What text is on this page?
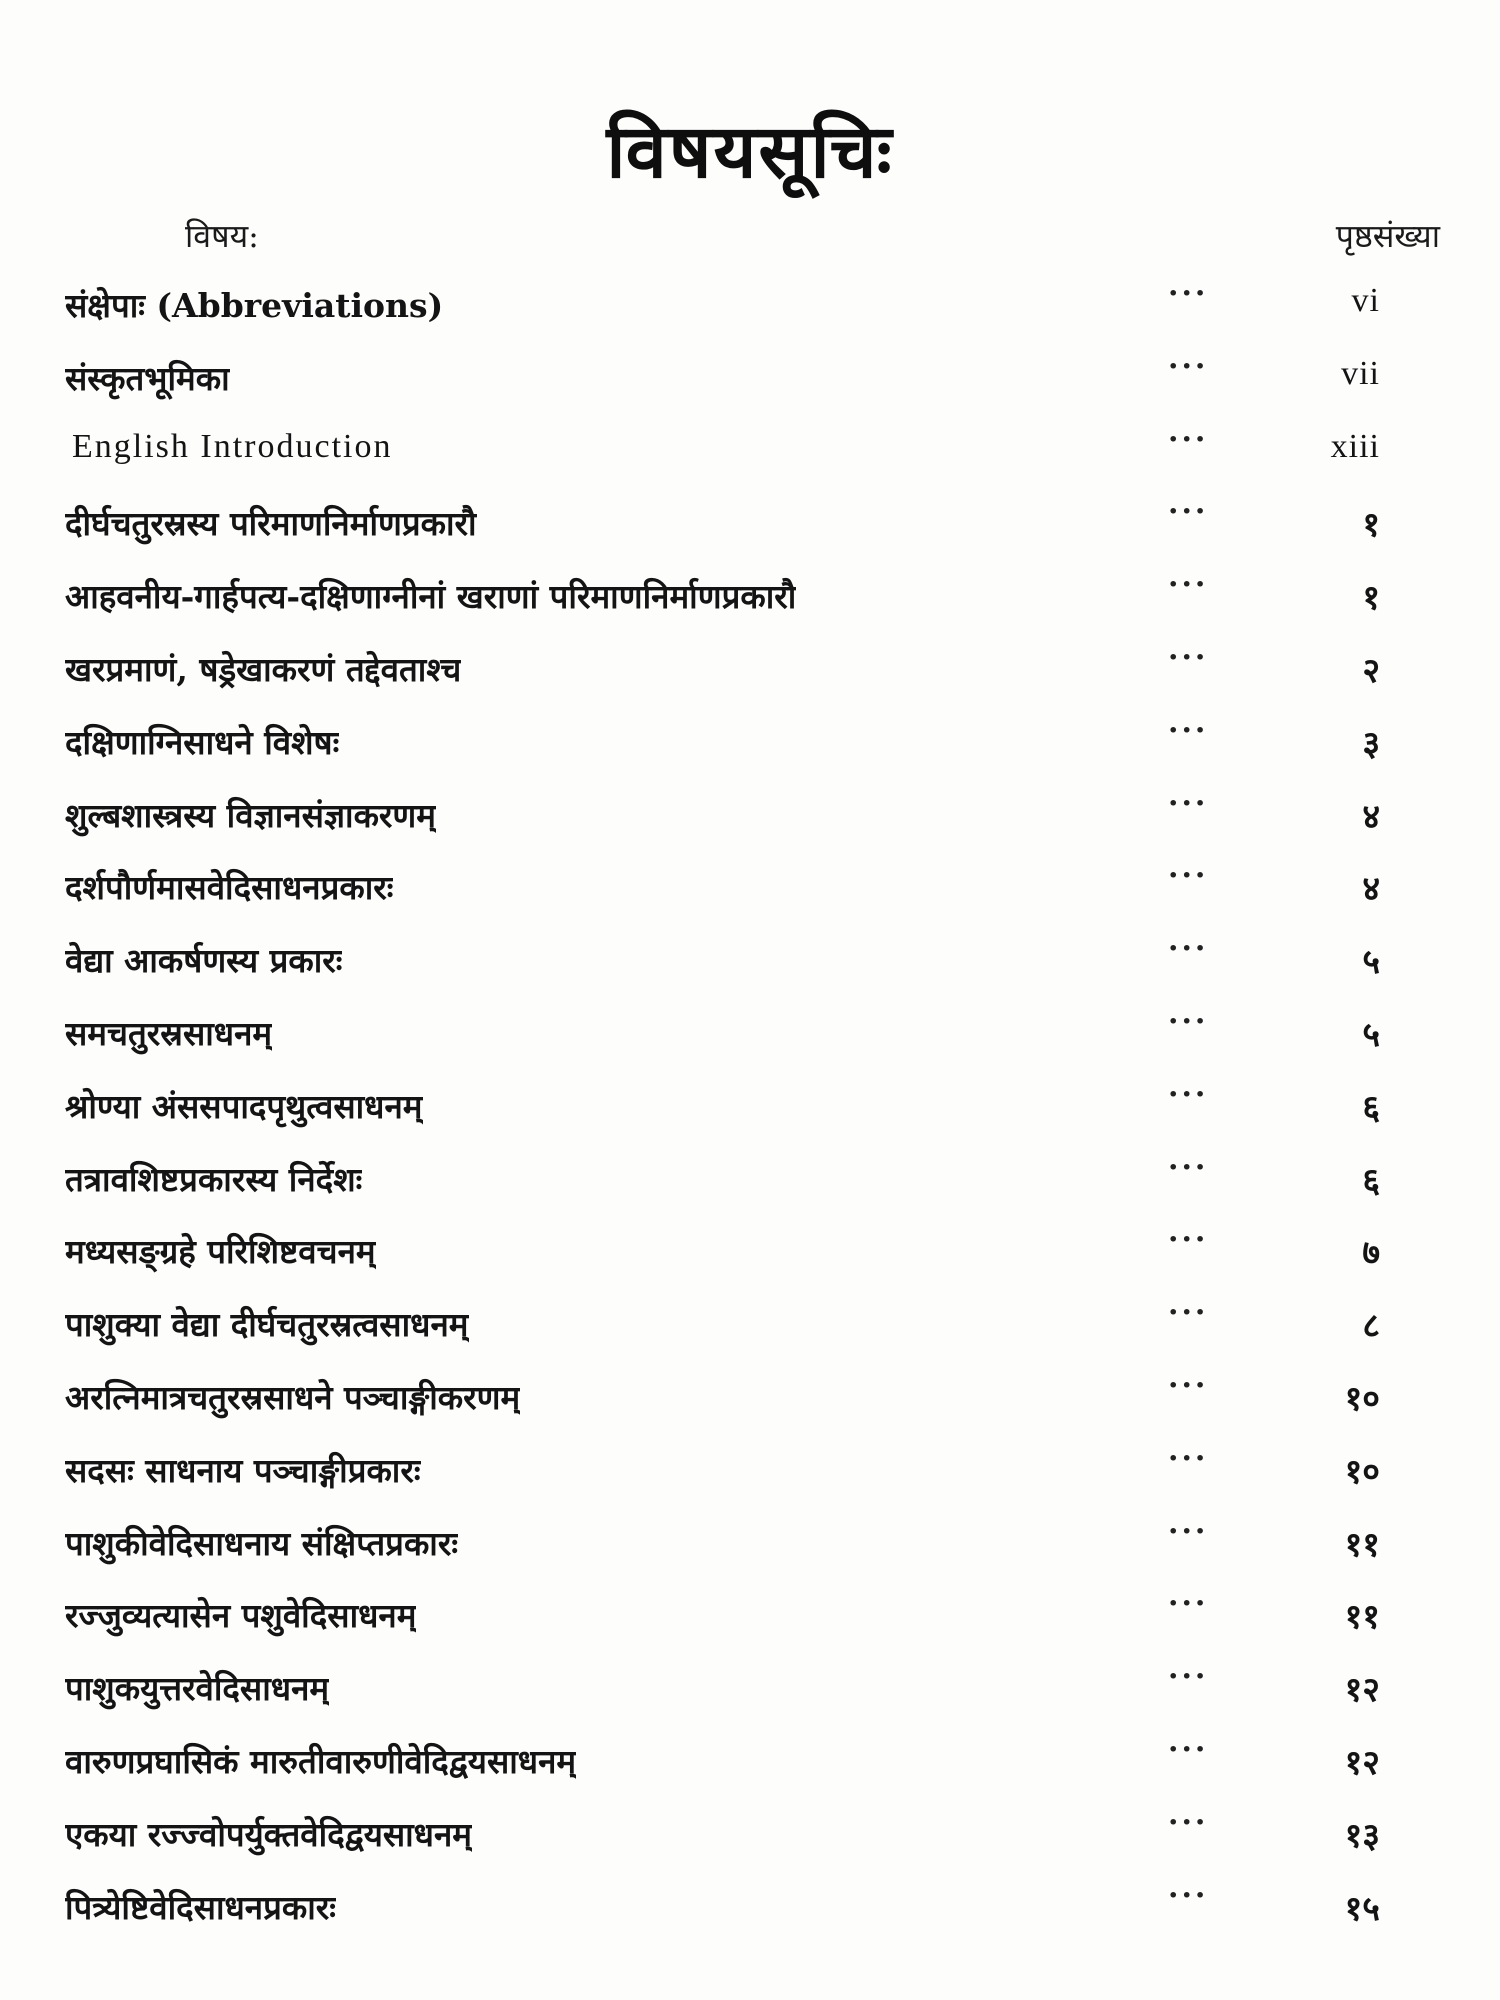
विषयसूचिः
विषय:	पृष्ठसंख्या
संक्षेपाः (Abbreviations)	···	vi
संस्कृतभूमिका	···	vii
English Introduction	···	xiii
दीर्घचतुरस्रस्य परिमाणनिर्माणप्रकारौ	···	१
आहवनीय-गार्हपत्य-दक्षिणाग्नीनां खराणां परिमाणनिर्माणप्रकारौ	···	१
खरप्रमाणं, षड्रेखाकरणं तद्देवताश्च	···	२
दक्षिणाग्निसाधने विशेषः	···	३
शुल्बशास्त्रस्य विज्ञानसंज्ञाकरणम्	···	४
दर्शपौर्णमासवेदिसाधनप्रकारः	···	४
वेद्या आकर्षणस्य प्रकारः	···	५
समचतुरस्रसाधनम्	···	५
श्रोण्या अंससपादपृथुत्वसाधनम्	···	६
तत्रावशिष्टप्रकारस्य निर्देशः	···	६
मध्यसङ्ग्रहे परिशिष्टवचनम्	···	७
पाशुक्या वेद्या दीर्घचतुरस्रत्वसाधनम्	···	८
अरत्निमात्रचतुरस्रसाधने पञ्चाङ्गीकरणम्	···	१०
सदसः साधनाय पञ्चाङ्गीप्रकारः	···	१०
पाशुकीवेदिसाधनाय संक्षिप्तप्रकारः	···	११
रज्जुव्यत्यासेन पशुवेदिसाधनम्	···	११
पाशुकयुत्तरवेदिसाधनम्	···	१२
वारुणप्रघासिकं मारुतीवारुणीवेदिद्वयसाधनम्	···	१२
एकया रज्ज्वोपर्युक्तवेदिद्वयसाधनम्	···	१३
पित्र्येष्टिवेदिसाधनप्रकारः	···	१५
